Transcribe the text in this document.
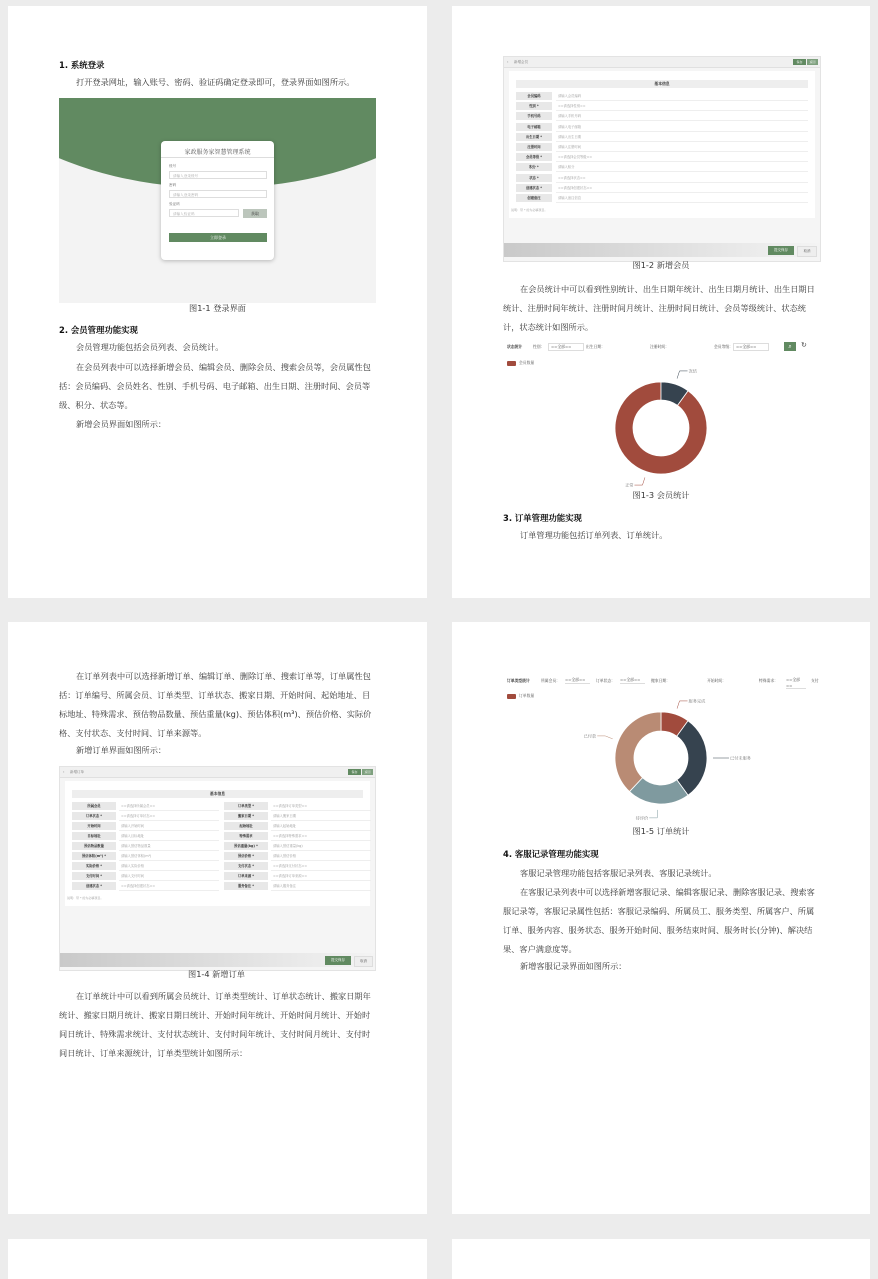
1. 系统登录
打开登录网址，输入账号、密码、验证码确定登录即可，登录界面如图所示。
家政服务家智慧管理系统
账号
请输入登录账号
密码
请输入登录密码
验证码
请输入验证码	获取
立即登录
图1-1 登录界面
2. 会员管理功能实现
会员管理功能包括会员列表、会员统计。
在会员列表中可以选择新增会员、编辑会员、删除会员、搜索会员等，会员属性包括：会员编码、会员姓名、性别、手机号码、电子邮箱、出生日期、注册时间、会员等级、积分、状态等。
新增会员界面如图所示：
‹ 新增会员	保存	返回
基本信息
会员编码	请输入会员编码
性别 *	==请选择性别==
手机号码	请输入手机号码
电子邮箱	请输入电子邮箱
出生日期 *	请输入出生日期
注册时间	请输入注册时间
会员等级 *	==请选择会员等级==
积分 *	请输入积分
状态 *	==请选择状态==
创建状态 *	==请选择创建状态==
创建备注	请输入备注信息
说明：带 * 的为必填项目。
提交保存	取消
图1-2 新增会员
在会员统计中可以看到性别统计、出生日期年统计、出生日期月统计、出生日期日统计、注册时间年统计、注册时间月统计、注册时间日统计、会员等级统计、状态统计，状态统计如图所示。
状态统计	性别：	==全部==	出生日期：	注册时间：	会员等级： ==全部==	⌕	↻
会员数量
正常
冻结
图1-3 会员统计
3. 订单管理功能实现
订单管理功能包括订单列表、订单统计。
在订单列表中可以选择新增订单、编辑订单、删除订单、搜索订单等，订单属性包括：订单编号、所属会员、订单类型、订单状态、搬家日期、开始时间、起始地址、目标地址、特殊需求、预估物品数量、预估重量(kg)、预估体积(m³)、预估价格、实际价格、支付状态、支付时间、订单来源等。
新增订单界面如图所示：
‹ 新增订单	保存	返回
基本信息
所属会员	==请选择所属会员==
订单状态 *	==请选择订单状态==
开始时间	请输入开始时间
目标地址	请输入目标地址
预估物品数量	请输入预估物品数量
预估体积(m³) *	请输入预估体积(m³)
实际价格 *	请输入实际价格
支付时间 *	请输入支付时间
创建状态 *	==请选择创建状态==
订单类型 *	==请选择订单类型==
搬家日期 *	请输入搬家日期
起始地址	请输入起始地址
特殊需求	==请选择特殊需求==
预估重量(kg) *	请输入预估重量(kg)
预估价格 *	请输入预估价格
支付状态 *	==请选择支付状态==
订单来源 *	==请选择订单来源==
服务备注 *	请输入服务备注
说明：带 * 的为必填项目。
提交保存	取消
图1-4 新增订单
在订单统计中可以看到所属会员统计、订单类型统计、订单状态统计、搬家日期年统计、搬家日期月统计、搬家日期日统计、开始时间年统计、开始时间月统计、开始时间日统计、特殊需求统计、支付状态统计、支付时间年统计、支付时间月统计、支付时间日统计、订单来源统计，订单类型统计如图所示：
订单类型统计	所属会员： ==全部==	订单状态： ==全部==	搬家日期：	开始时间：	特殊需求： ==全部==
支付
订单数量
服务完成
已付未服务
待评价
已付款
图1-5 订单统计
4. 客服记录管理功能实现
客服记录管理功能包括客服记录列表、客服记录统计。
在客服记录列表中可以选择新增客服记录、编辑客服记录、删除客服记录、搜索客服记录等，客服记录属性包括：客服记录编码、所属员工、服务类型、所属客户、所属订单、服务内容、服务状态、服务开始时间、服务结束时间、服务时长(分钟)、解决结果、客户满意度等。
新增客服记录界面如图所示：
